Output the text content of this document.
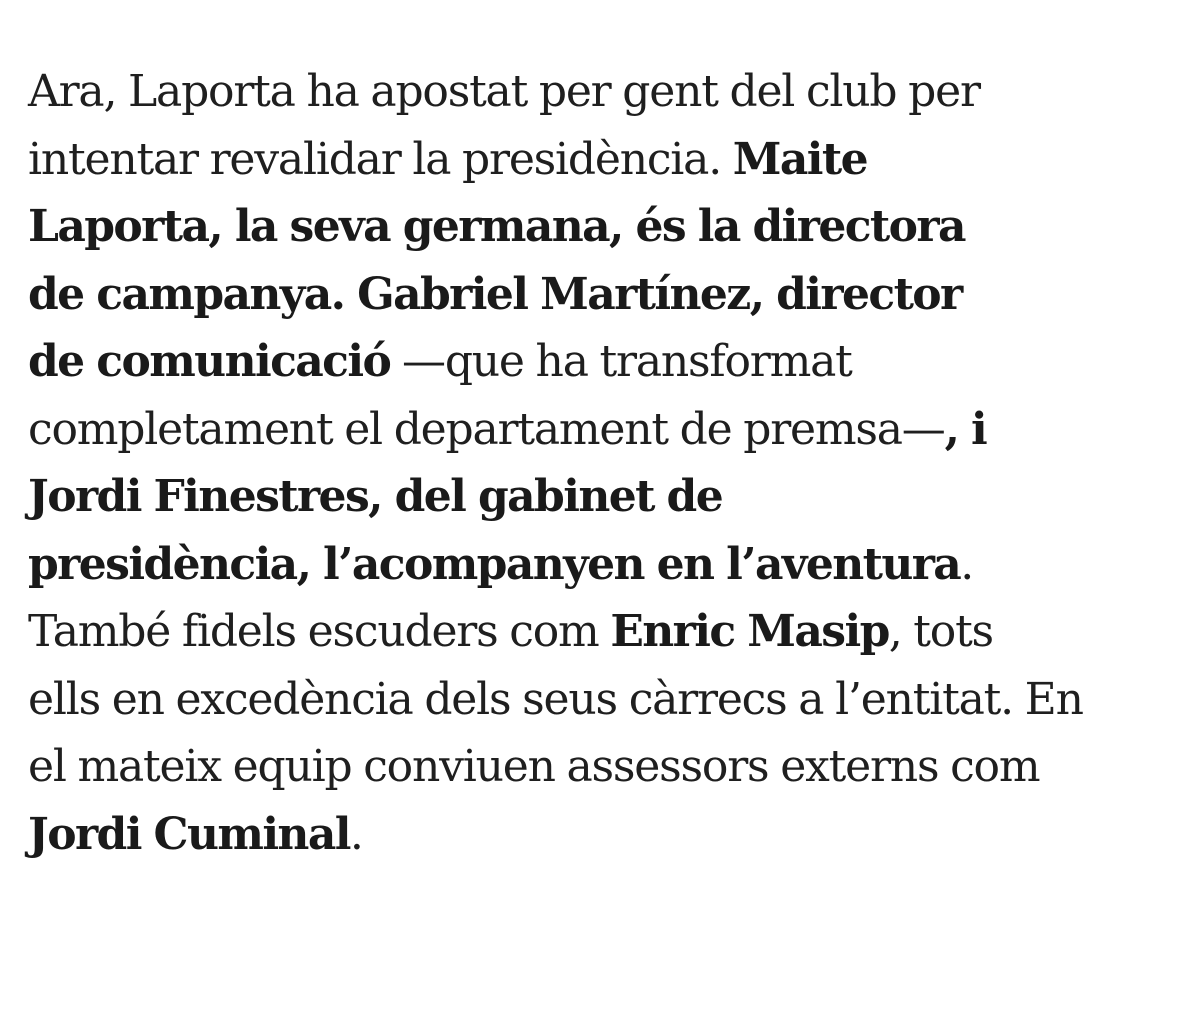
Ara, Laporta ha apostat per gent del club per
intentar revalidar la presidència. Maite
Laporta, la seva germana, és la directora
de campanya. Gabriel Martínez, director
de comunicació —que ha transformat
completament el departament de premsa—, i
Jordi Finestres, del gabinet de
presidència, l’acompanyen en l’aventura.
També fidels escuders com Enric Masip, tots
ells en excedència dels seus càrrecs a l’entitat. En
el mateix equip conviuen assessors externs com
Jordi Cuminal.
